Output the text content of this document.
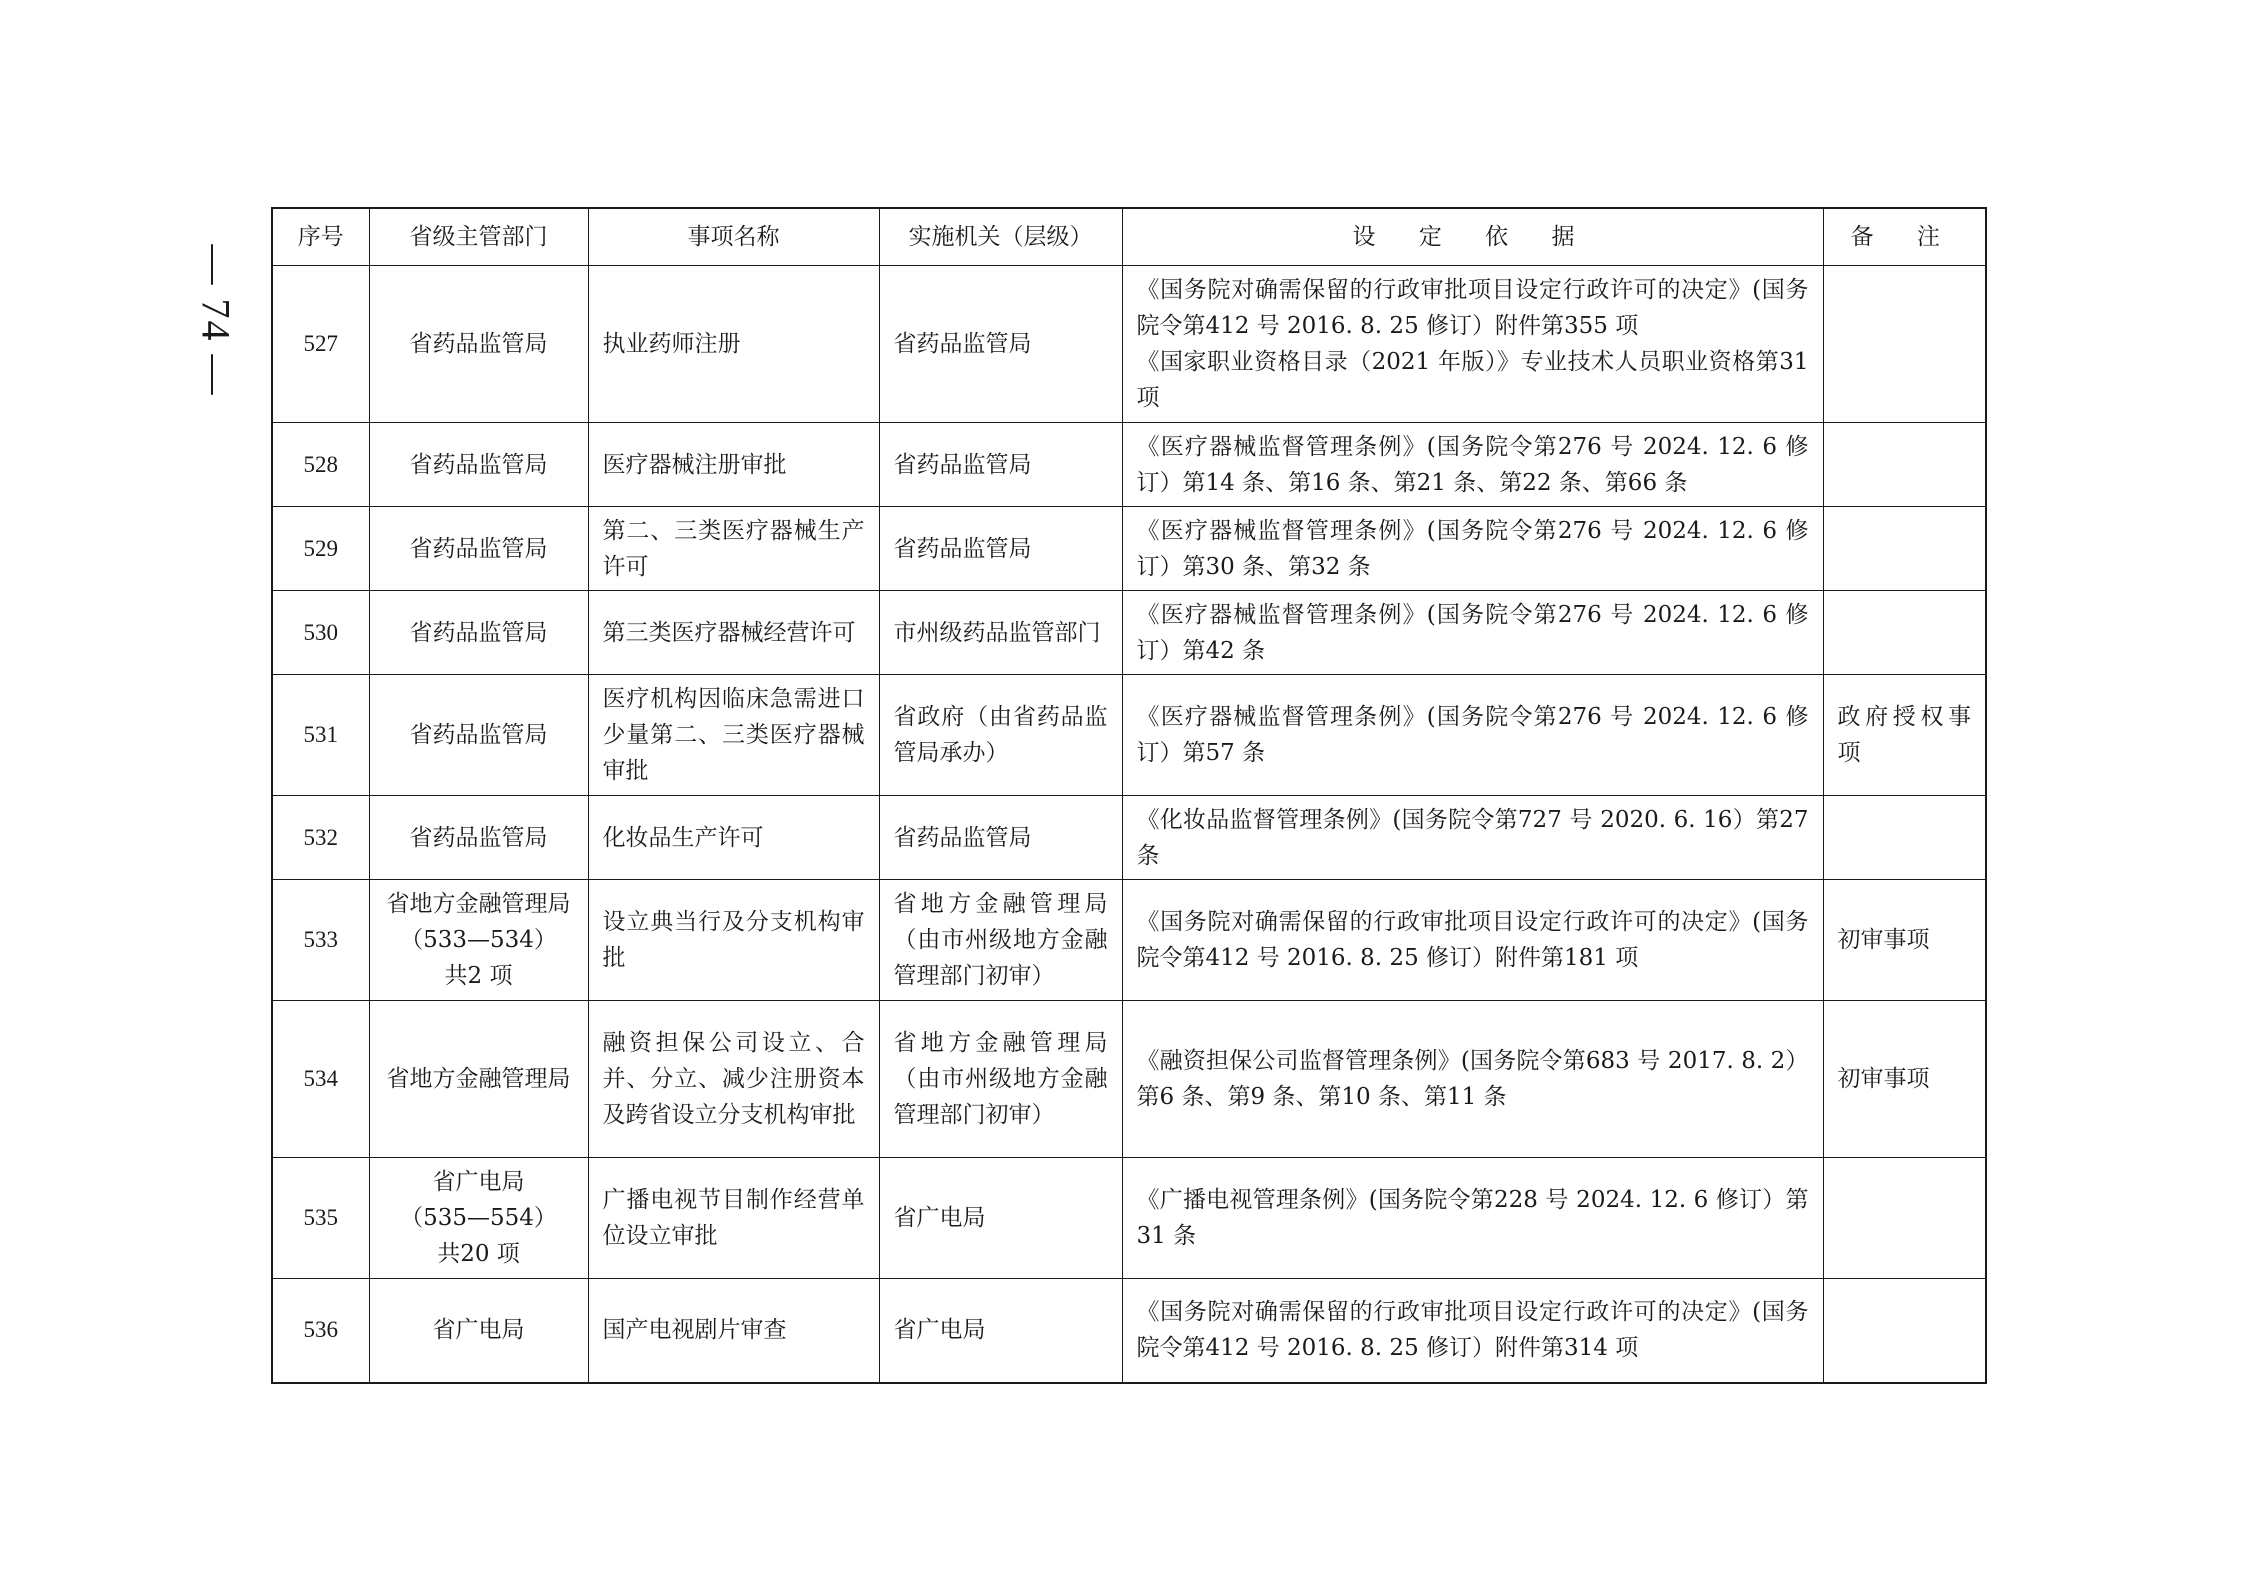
— 74 —
序号	省级主管部门	事项名称	实施机关（层级）	设 定 依 据	备 注
527	省药品监管局	执业药师注册	省药品监管局	《国务院对确需保留的行政审批项目设定行政许可的决定》(国务院令第412 号 2016. 8. 25 修订）附件第355 项
《国家职业资格目录（2021 年版）》专业技术人员职业资格第31 项	

528	省药品监管局	医疗器械注册审批	省药品监管局	《医疗器械监督管理条例》(国务院令第276 号 2024. 12. 6 修订）第14 条、第16 条、第21 条、第22 条、第66 条	

529	省药品监管局	第二、三类医疗器械生产许可	省药品监管局	《医疗器械监督管理条例》(国务院令第276 号 2024. 12. 6 修订）第30 条、第32 条	

530	省药品监管局	第三类医疗器械经营许可	市州级药品监管部门	《医疗器械监督管理条例》(国务院令第276 号 2024. 12. 6 修订）第42 条	

531	省药品监管局	医疗机构因临床急需进口少量第二、三类医疗器械审批	省政府（由省药品监管局承办）	《医疗器械监督管理条例》(国务院令第276 号 2024. 12. 6 修订）第57 条	政府授权事项
532	省药品监管局	化妆品生产许可	省药品监管局	《化妆品监督管理条例》(国务院令第727 号 2020. 6. 16）第27 条	

533	省地方金融管理局
（533—534）
共2 项	设立典当行及分支机构审批	省地方金融管理局（由市州级地方金融管理部门初审）	《国务院对确需保留的行政审批项目设定行政许可的决定》(国务院令第412 号 2016. 8. 25 修订）附件第181 项	初审事项
534	省地方金融管理局	融资担保公司设立、合并、分立、减少注册资本及跨省设立分支机构审批	省地方金融管理局（由市州级地方金融管理部门初审）	《融资担保公司监督管理条例》(国务院令第683 号 2017. 8. 2）第6 条、第9 条、第10 条、第11 条	初审事项
535	省广电局
（535—554）
共20 项	广播电视节目制作经营单位设立审批	省广电局	《广播电视管理条例》(国务院令第228 号 2024. 12. 6 修订）第31 条	

536	省广电局	国产电视剧片审查	省广电局	《国务院对确需保留的行政审批项目设定行政许可的决定》(国务院令第412 号 2016. 8. 25 修订）附件第314 项	
